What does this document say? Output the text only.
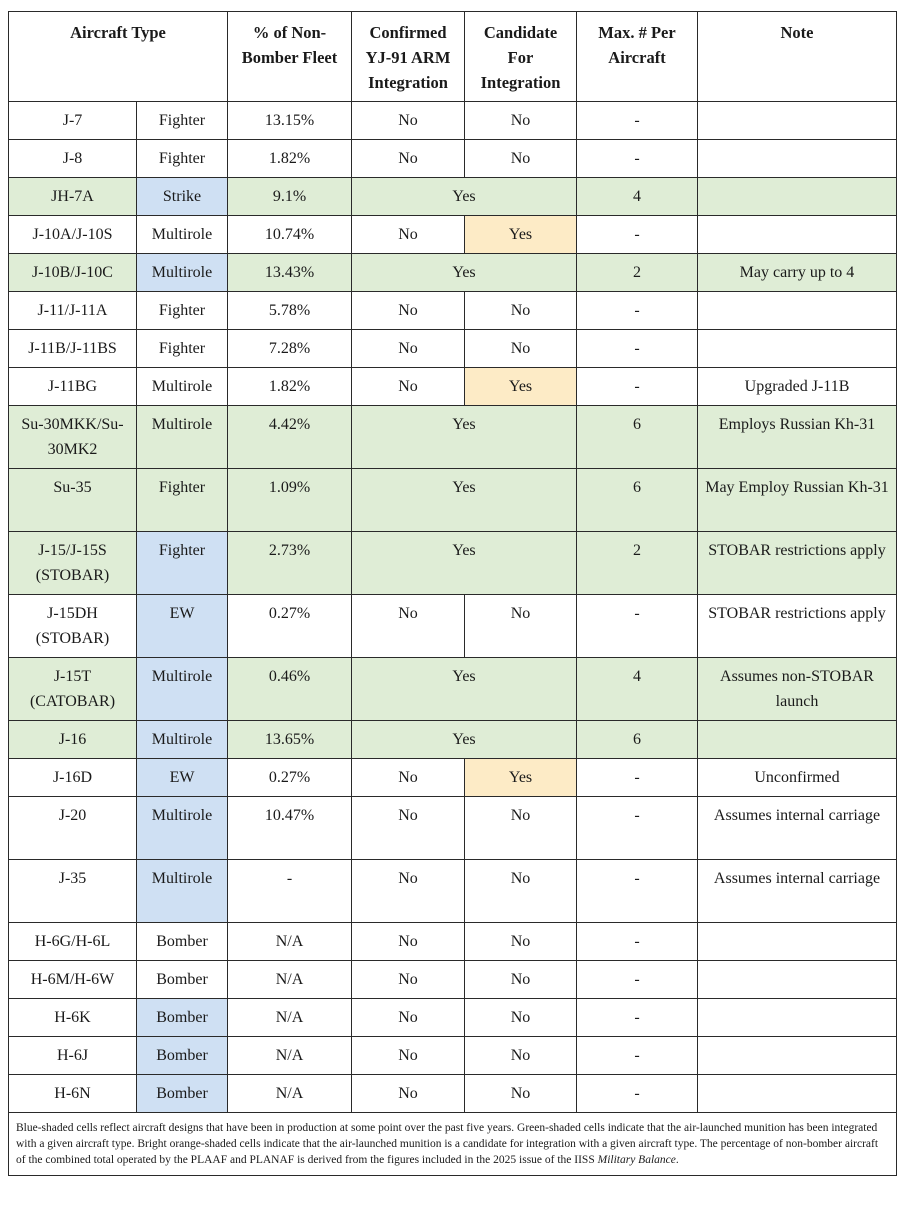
Aircraft Type		% of Non-Bomber Fleet	Confirmed YJ-91 ARM Integration	Candidate For Integration	Max. # Per Aircraft	Note
J-7	Fighter	13.15%	No	No	-	
J-8	Fighter	1.82%	No	No	-	
JH-7A	Strike	9.1%	Yes		4	
J-10A/J-10S	Multirole	10.74%	No	Yes	-	
J-10B/J-10C	Multirole	13.43%	Yes		2	May carry up to 4
J-11/J-11A	Fighter	5.78%	No	No	-	
J-11B/J-11BS	Fighter	7.28%	No	No	-	
J-11BG	Multirole	1.82%	No	Yes	-	Upgraded J-11B
Su-30MKK/Su-30MK2	Multirole	4.42%	Yes		6	Employs Russian Kh-31
Su-35	Fighter	1.09%	Yes		6	May Employ Russian Kh-31
J-15/J-15S (STOBAR)	Fighter	2.73%	Yes		2	STOBAR restrictions apply
J-15DH (STOBAR)	EW	0.27%	No	No	-	STOBAR restrictions apply
J-15T (CATOBAR)	Multirole	0.46%	Yes		4	Assumes non-STOBAR launch
J-16	Multirole	13.65%	Yes		6	
J-16D	EW	0.27%	No	Yes	-	Unconfirmed
J-20	Multirole	10.47%	No	No	-	Assumes internal carriage
J-35	Multirole	-	No	No	-	Assumes internal carriage
H-6G/H-6L	Bomber	N/A	No	No	-	
H-6M/H-6W	Bomber	N/A	No	No	-	
H-6K	Bomber	N/A	No	No	-	
H-6J	Bomber	N/A	No	No	-	
H-6N	Bomber	N/A	No	No	-	
Blue-shaded cells reflect aircraft designs that have been in production at some point over the past five years. Green-shaded cells indicate that the air-launched munition has been integrated with a given aircraft type. Bright orange-shaded cells indicate that the air-launched munition is a candidate for integration with a given aircraft type. The percentage of non-bomber aircraft of the combined total operated by the PLAAF and PLANAF is derived from the figures included in the 2025 issue of the IISS Military Balance.						
